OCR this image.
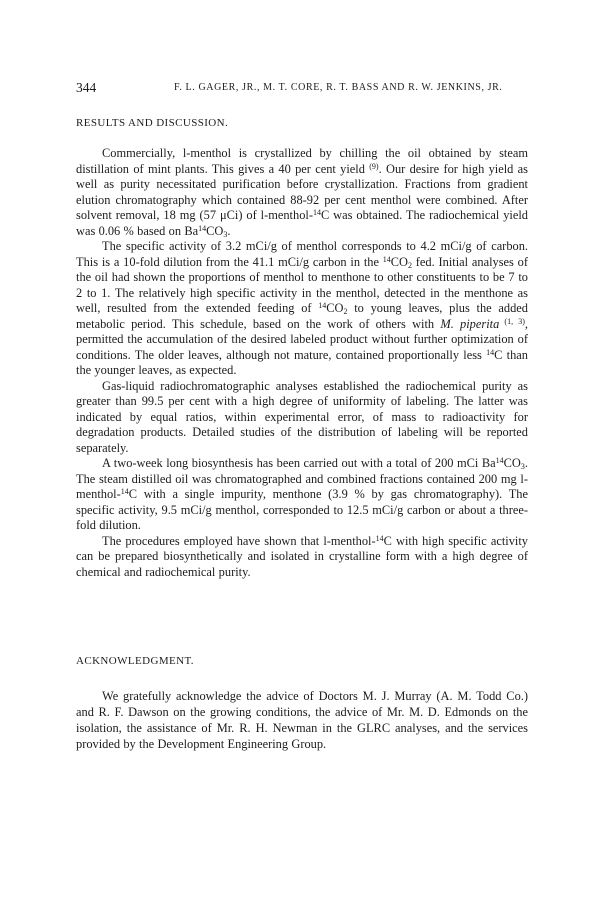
344	F. L. GAGER, JR., M. T. CORE, R. T. BASS AND R. W. JENKINS, JR.
RESULTS AND DISCUSSION.

Commercially, l-menthol is crystallized by chilling the oil obtained by steam distillation of mint plants. This gives a 40 per cent yield $^{(9)}$. Our desire for high yield as well as purity necessitated purification before crystallization. Fractions from gradient elution chromatography which contained 88-92 per cent menthol were combined. After solvent removal, 18 mg (57 μCi) of l-menthol-$^{14}$C was obtained. The radiochemical yield was 0.06 % based on $Ba^{14}CO_3$.

The specific activity of 3.2 mCi/g of menthol corresponds to 4.2 mCi/g of carbon. This is a 10-fold dilution from the 41.1 mCi/g carbon in the $^{14}CO_2$ fed. Initial analyses of the oil had shown the proportions of menthol to menthone to other constituents to be 7 to 2 to 1. The relatively high specific activity in the menthol, detected in the menthone as well, resulted from the extended feeding of $^{14}CO_2$ to young leaves, plus the added metabolic period. This schedule, based on the work of others with M. piperita $^{(1, 3)}$, permitted the accumulation of the desired labeled product without further optimization of conditions. The older leaves, although not mature, contained proportionally less $^{14}$C than the younger leaves, as expected.

Gas-liquid radiochromatographic analyses established the radiochemical purity as greater than 99.5 per cent with a high degree of uniformity of labeling. The latter was indicated by equal ratios, within experimental error, of mass to radioactivity for degradation products. Detailed studies of the distribution of labeling will be reported separately.

A two-week long biosynthesis has been carried out with a total of 200 mCi $Ba^{14}CO_3$. The steam distilled oil was chromatographed and combined fractions contained 200 mg l-menthol-$^{14}$C with a single impurity, menthone (3.9 % by gas chromatography). The specific activity, 9.5 mCi/g menthol, corresponded to 12.5 mCi/g carbon or about a three-fold dilution.

The procedures employed have shown that l-menthol-$^{14}$C with high specific activity can be prepared biosynthetically and isolated in crystalline form with a high degree of chemical and radiochemical purity.

ACKNOWLEDGMENT.

We gratefully acknowledge the advice of Doctors M. J. Murray (A. M. Todd Co.) and R. F. Dawson on the growing conditions, the advice of Mr. M. D. Edmonds on the isolation, the assistance of Mr. R. H. Newman in the GLRC analyses, and the services provided by the Development Engineering Group.
